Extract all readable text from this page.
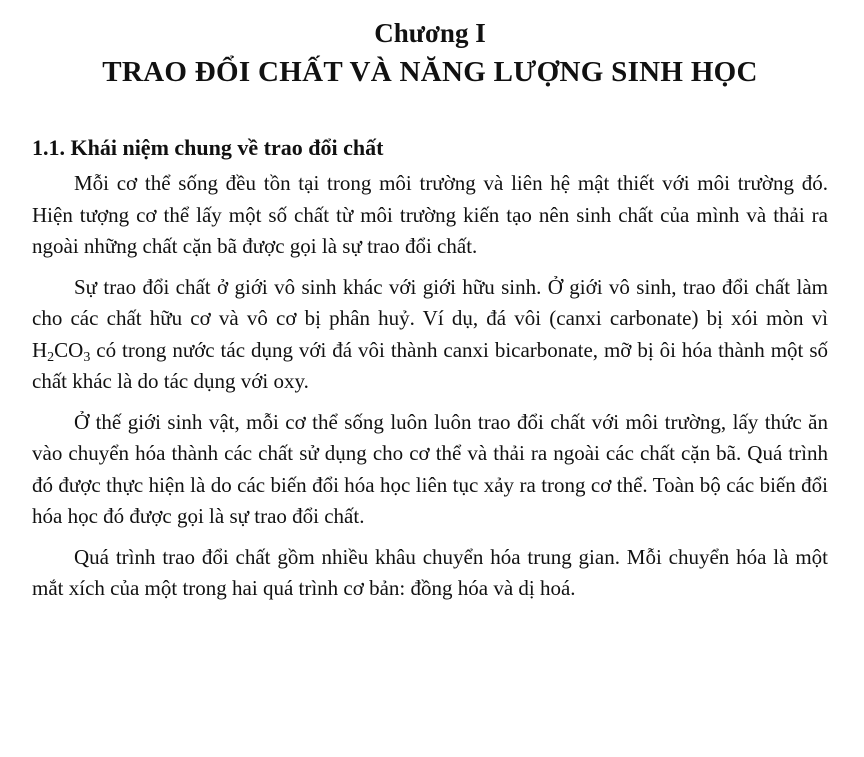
Chương I
TRAO ĐỔI CHẤT VÀ NĂNG LƯỢNG SINH HỌC
1.1. Khái niệm chung về trao đổi chất

Mỗi cơ thể sống đều tồn tại trong môi trường và liên hệ mật thiết với môi trường đó. Hiện tượng cơ thể lấy một số chất từ môi trường kiến tạo nên sinh chất của mình và thải ra ngoài những chất cặn bã được gọi là sự trao đổi chất.

Sự trao đổi chất ở giới vô sinh khác với giới hữu sinh. Ở giới vô sinh, trao đổi chất làm cho các chất hữu cơ và vô cơ bị phân huỷ. Ví dụ, đá vôi (canxi carbonate) bị xói mòn vì $H_2CO_3$ có trong nước tác dụng với đá vôi thành canxi bicarbonate, mỡ bị ôi hóa thành một số chất khác là do tác dụng với oxy.

Ở thế giới sinh vật, mỗi cơ thể sống luôn luôn trao đổi chất với môi trường, lấy thức ăn vào chuyển hóa thành các chất sử dụng cho cơ thể và thải ra ngoài các chất cặn bã. Quá trình đó được thực hiện là do các biến đổi hóa học liên tục xảy ra trong cơ thể. Toàn bộ các biến đổi hóa học đó được gọi là sự trao đổi chất.

Quá trình trao đổi chất gồm nhiều khâu chuyển hóa trung gian. Mỗi chuyển hóa là một mắt xích của một trong hai quá trình cơ bản: đồng hóa và dị hoá.
